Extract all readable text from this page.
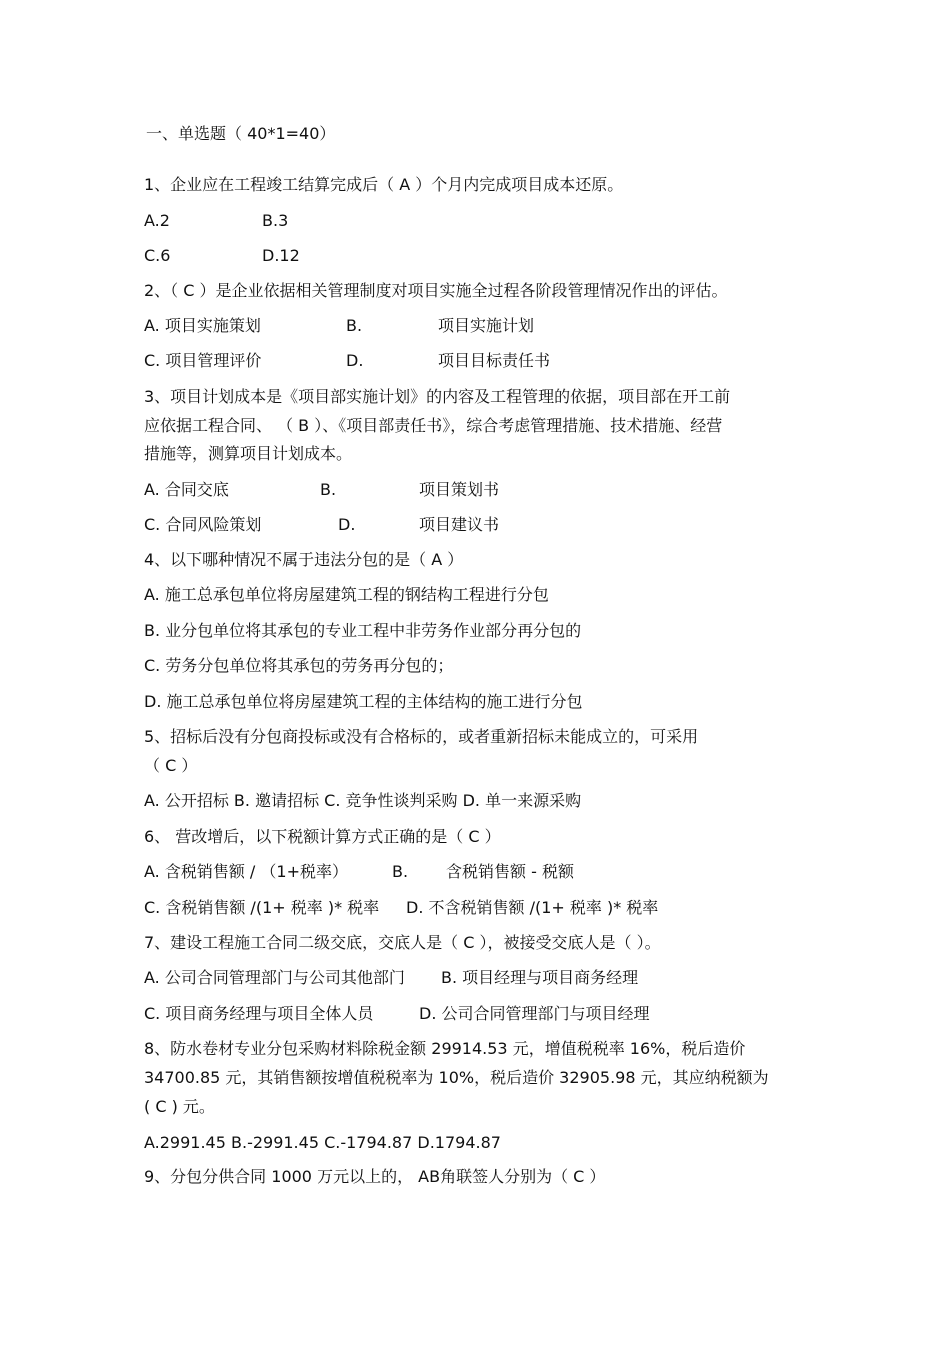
一、单选题（ 40*1=40）
1、企业应在工程竣工结算完成后（ A ）个月内完成项目成本还原。
A.2	B.3
C.6	D.12
2、（ C ）是企业依据相关管理制度对项目实施全过程各阶段管理情况作出的评估。
A. 项目实施策划	B.	项目实施计划
C. 项目管理评价	D.	项目目标责任书
3、项目计划成本是《项目部实施计划》的内容及工程管理的依据，项目部在开工前
应依据工程合同、 （ B ）、《项目部责任书》，综合考虑管理措施、技术措施、经营
措施等，测算项目计划成本。
A. 合同交底	B.	项目策划书
C. 合同风险策划	D.	项目建议书
4、以下哪种情况不属于违法分包的是（ A ）
A. 施工总承包单位将房屋建筑工程的钢结构工程进行分包
B. 业分包单位将其承包的专业工程中非劳务作业部分再分包的
C. 劳务分包单位将其承包的劳务再分包的；
D. 施工总承包单位将房屋建筑工程的主体结构的施工进行分包
5、招标后没有分包商投标或没有合格标的，或者重新招标未能成立的，可采用
（ C ）
A. 公开招标 B. 邀请招标 C. 竞争性谈判采购 D. 单一来源采购
6、 营改增后，以下税额计算方式正确的是（ C ）
A. 含税销售额 / （1+税率）	B. 含税销售额 - 税额
C. 含税销售额 /(1+ 税率 )* 税率 D. 不含税销售额 /(1+ 税率 )* 税率
7、建设工程施工合同二级交底，交底人是（ C ），被接受交底人是（ ）。
A. 公司合同管理部门与公司其他部门 B. 项目经理与项目商务经理
C. 项目商务经理与项目全体人员	D. 公司合同管理部门与项目经理
8、防水卷材专业分包采购材料除税金额 29914.53 元，增值税税率 16%，税后造价
34700.85 元，其销售额按增值税税率为 10%，税后造价 32905.98 元，其应纳税额为
( C ) 元。
A.2991.45 B.-2991.45 C.-1794.87 D.1794.87
9、分包分供合同 1000 万元以上的， AB角联签人分别为（ C ）
